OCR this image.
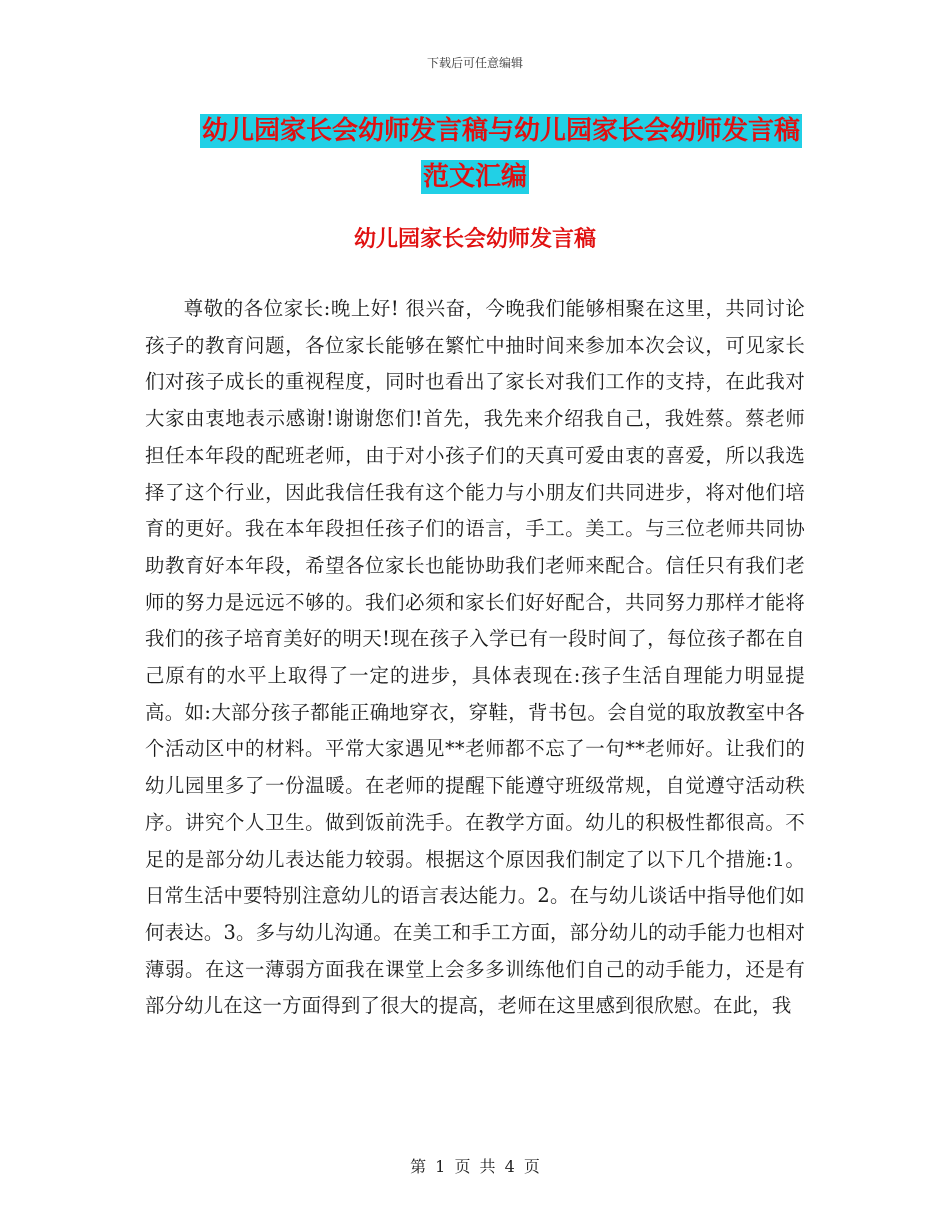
下载后可任意编辑
幼儿园家长会幼师发言稿与幼儿园家长会幼师发言稿
范文汇编
幼儿园家长会幼师发言稿

尊敬的各位家长:晚上好! 很兴奋，今晚我们能够相聚在这里，共同讨论孩子的教育问题，各位家长能够在繁忙中抽时间来参加本次会议，可见家长们对孩子成长的重视程度，同时也看出了家长对我们工作的支持，在此我对大家由衷地表示感谢!谢谢您们!首先，我先来介绍我自己，我姓蔡。蔡老师担任本年段的配班老师，由于对小孩子们的天真可爱由衷的喜爱，所以我选择了这个行业，因此我信任我有这个能力与小朋友们共同进步，将对他们培育的更好。我在本年段担任孩子们的语言，手工。美工。与三位老师共同协助教育好本年段，希望各位家长也能协助我们老师来配合。信任只有我们老师的努力是远远不够的。我们必须和家长们好好配合，共同努力那样才能将我们的孩子培育美好的明天!现在孩子入学已有一段时间了，每位孩子都在自己原有的水平上取得了一定的进步，具体表现在:孩子生活自理能力明显提高。如:大部分孩子都能正确地穿衣，穿鞋，背书包。会自觉的取放教室中各个活动区中的材料。平常大家遇见**老师都不忘了一句**老师好。让我们的幼儿园里多了一份温暖。在老师的提醒下能遵守班级常规，自觉遵守活动秩序。讲究个人卫生。做到饭前洗手。在教学方面。幼儿的积极性都很高。不足的是部分幼儿表达能力较弱。根据这个原因我们制定了以下几个措施:1。日常生活中要特别注意幼儿的语言表达能力。2。在与幼儿谈话中指导他们如何表达。3。多与幼儿沟通。在美工和手工方面，部分幼儿的动手能力也相对薄弱。在这一薄弱方面我在课堂上会多多训练他们自己的动手能力，还是有部分幼儿在这一方面得到了很大的提高，老师在这里感到很欣慰。在此，我

第 1 页 共 4 页
